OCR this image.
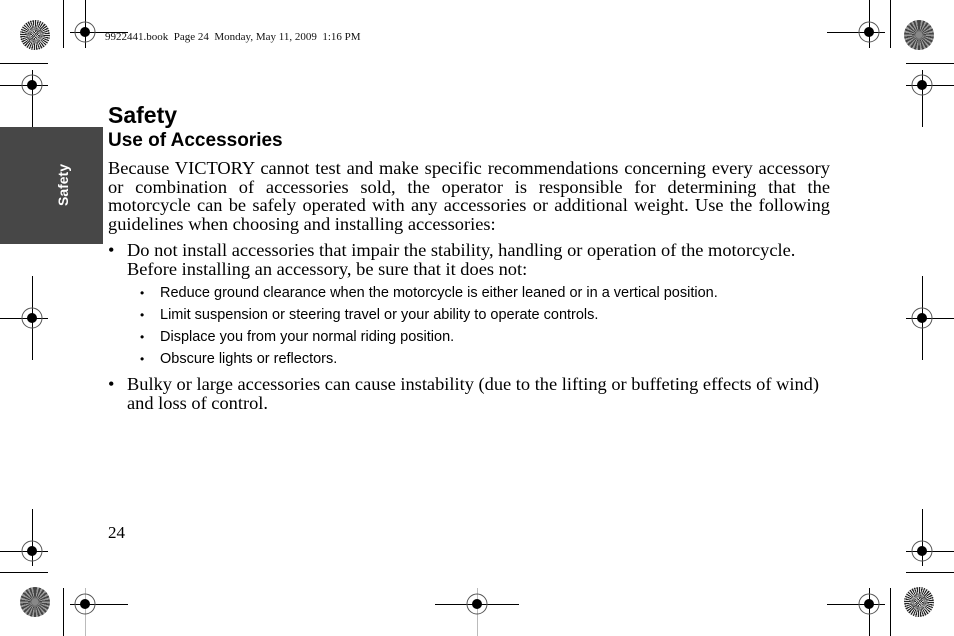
9922441.book  Page 24  Monday, May 11, 2009  1:16 PM
Safety
Safety
Use of Accessories
Because VICTORY cannot test and make specific recommendations concerning every accessory or combination of accessories sold, the operator is responsible for determining that the motorcycle can be safely operated with any accessories or additional weight. Use the following guidelines when choosing and installing accessories:
• Do not install accessories that impair the stability, handling or operation of the motorcycle. Before installing an accessory, be sure that it does not:
• Reduce ground clearance when the motorcycle is either leaned or in a vertical position.
• Limit suspension or steering travel or your ability to operate controls.
• Displace you from your normal riding position.
• Obscure lights or reflectors.
• Bulky or large accessories can cause instability (due to the lifting or buffeting effects of wind) and loss of control.
24
